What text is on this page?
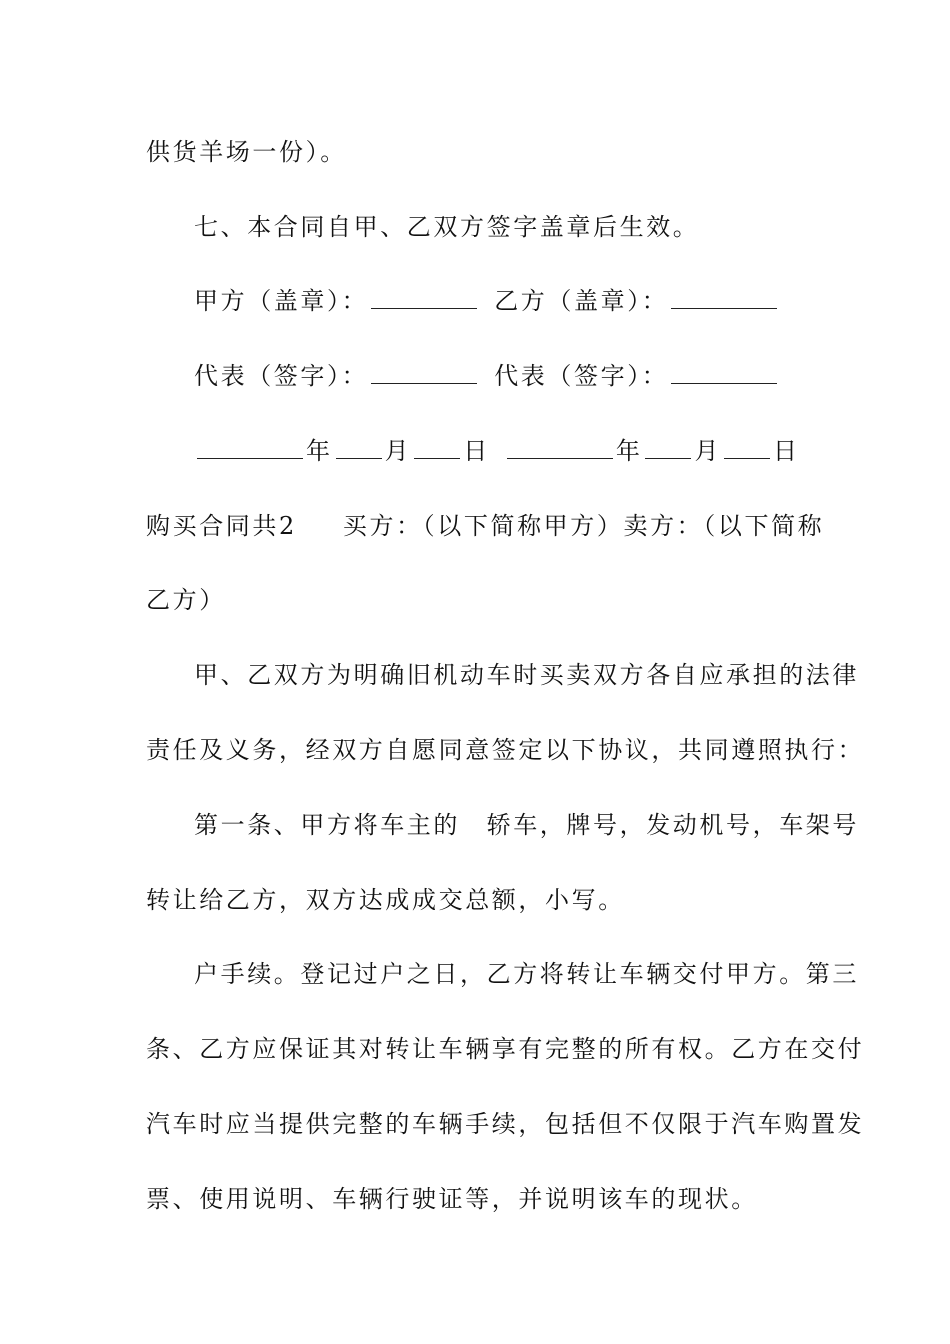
供货羊场一份）。
七、本合同自甲、乙双方签字盖章后生效。
甲方（盖章）：	乙方（盖章）：
代表（签字）：	代表（签字）：
年 月 日	年 月 日
购买合同共2 买方：（以下简称甲方）卖方：（以下简称
乙方）
甲、乙双方为明确旧机动车时买卖双方各自应承担的法律
责任及义务，经双方自愿同意签定以下协议，共同遵照执行：
第一条、甲方将车主的　轿车，牌号，发动机号，车架号
转让给乙方，双方达成成交总额，小写。
户手续。登记过户之日，乙方将转让车辆交付甲方。第三
条、乙方应保证其对转让车辆享有完整的所有权。乙方在交付
汽车时应当提供完整的车辆手续，包括但不仅限于汽车购置发
票、使用说明、车辆行驶证等，并说明该车的现状。
